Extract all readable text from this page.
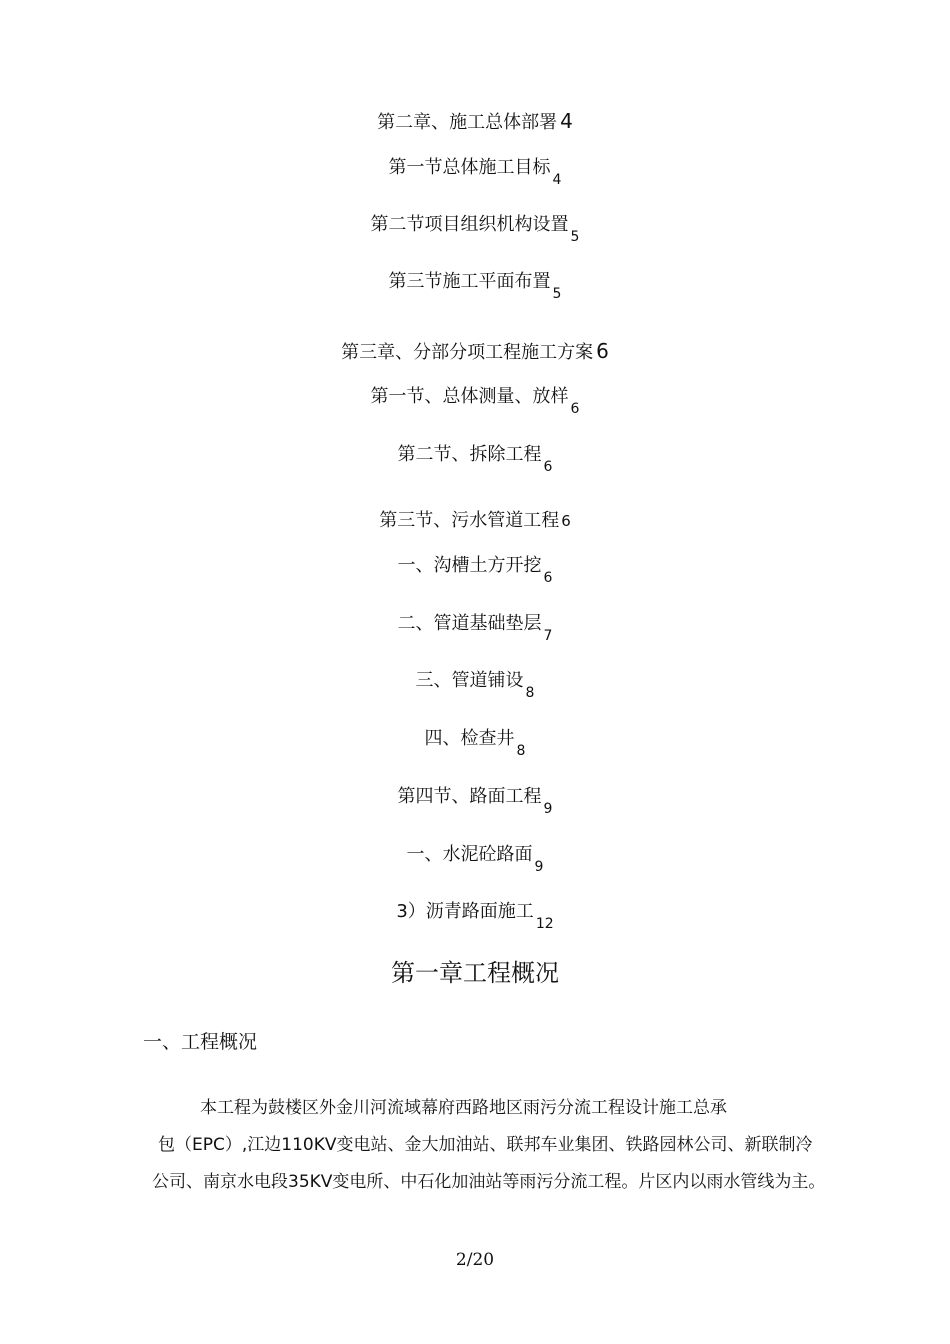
第二章、施工总体部署 4
第一节总体施工目标$_4$
第二节项目组织机构设置$_5$
第三节施工平面布置$_5$
第三章、分部分项工程施工方案 6
第一节、总体测量、放样$_6$
第二节、拆除工程$_6$
第三节、污水管道工程 6
一、沟槽土方开挖$_6$
二、管道基础垫层$_7$
三、管道铺设$_8$
四、检查井$_8$
第四节、路面工程$_9$
一、水泥砼路面$_9$
3）沥青路面施工$_{12}$
第一章工程概况
一、工程概况
本工程为鼓楼区外金川河流域幕府西路地区雨污分流工程设计施工总承
包（EPC）,江边110KV变电站、金大加油站、联邦车业集团、铁路园林公司、新联制冷
公司、南京水电段35KV变电所、中石化加油站等雨污分流工程。片区内以雨水管线为主。
2/20
